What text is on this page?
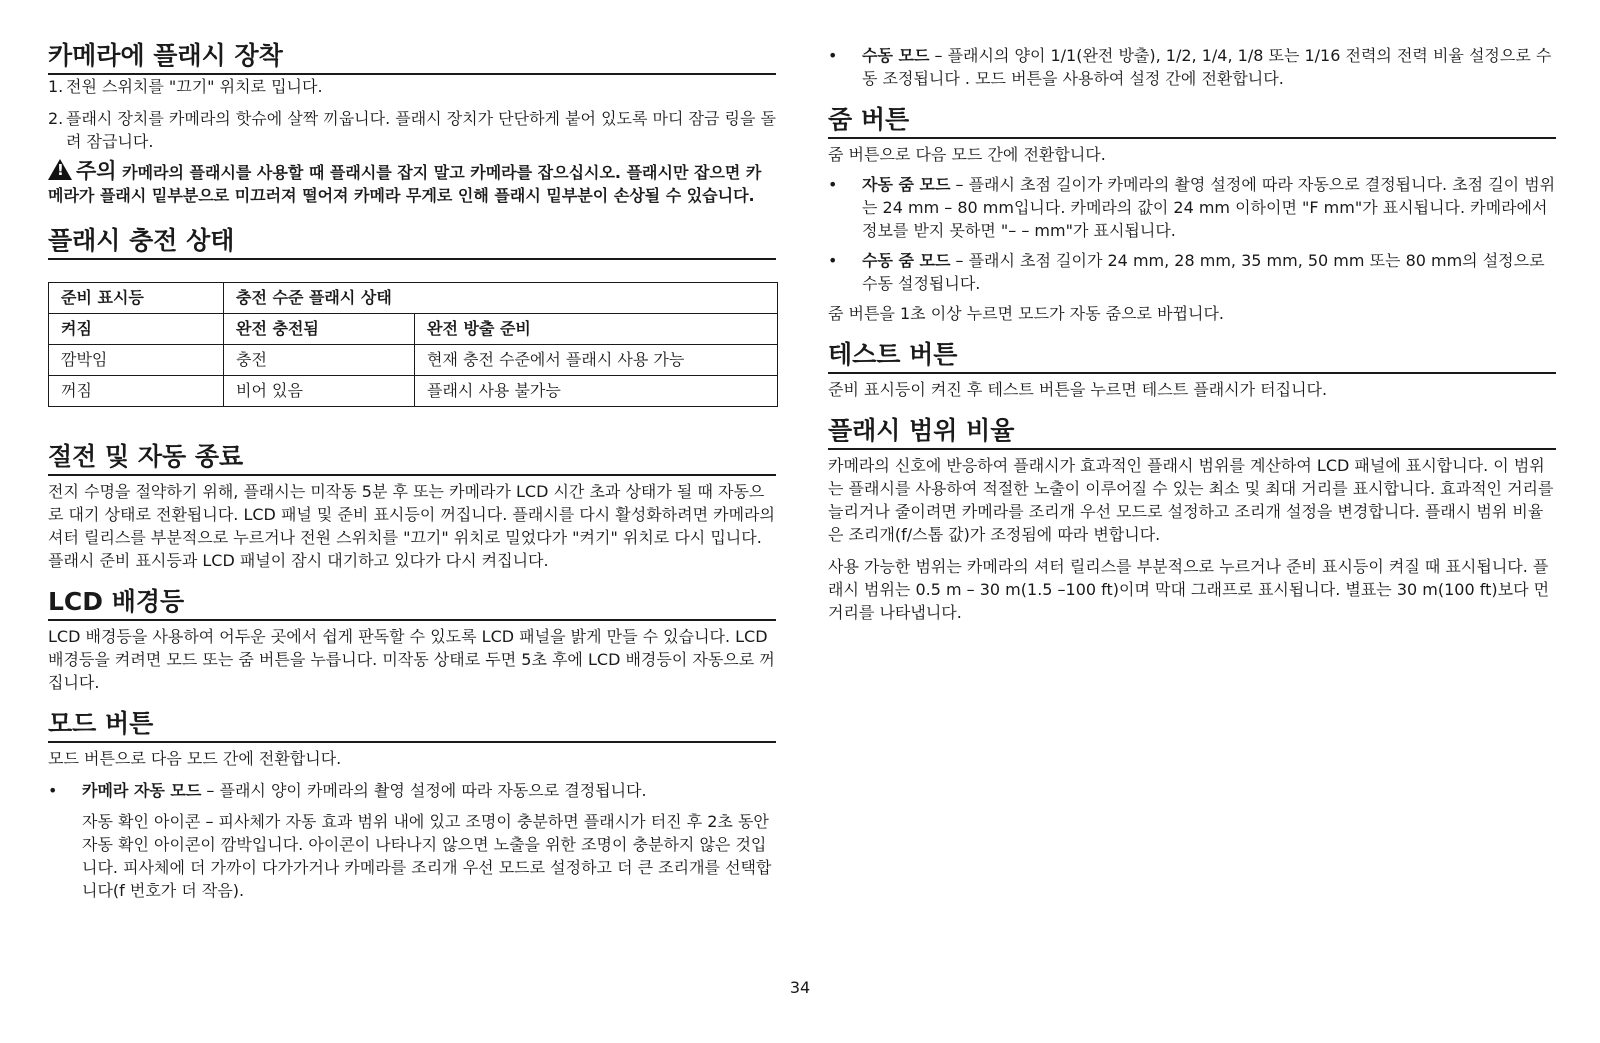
카메라에 플래시 장착
1. 전원 스위치를 "끄기" 위치로 밉니다.
2. 플래시 장치를 카메라의 핫슈에 살짝 끼웁니다. 플래시 장치가 단단하게 붙어 있도록 마디 잠금 링을 돌려 잠급니다.
!주의 카메라의 플래시를 사용할 때 플래시를 잡지 말고 카메라를 잡으십시오. 플래시만 잡으면 카메라가 플래시 밑부분으로 미끄러져 떨어져 카메라 무게로 인해 플래시 밑부분이 손상될 수 있습니다.
플래시 충전 상태
준비 표시등	충전 수준 플래시 상태	
켜짐	완전 충전됨	완전 방출 준비
깜박임	충전	현재 충전 수준에서 플래시 사용 가능
꺼짐	비어 있음	플래시 사용 불가능
절전 및 자동 종료

전지 수명을 절약하기 위해, 플래시는 미작동 5분 후 또는 카메라가 LCD 시간 초과 상태가 될 때 자동으로 대기 상태로 전환됩니다. LCD 패널 및 준비 표시등이 꺼집니다. 플래시를 다시 활성화하려면 카메라의 셔터 릴리스를 부분적으로 누르거나 전원 스위치를 "끄기" 위치로 밀었다가 "켜기" 위치로 다시 밉니다. 플래시 준비 표시등과 LCD 패널이 잠시 대기하고 있다가 다시 켜집니다.

LCD 배경등

LCD 배경등을 사용하여 어두운 곳에서 쉽게 판독할 수 있도록 LCD 패널을 밝게 만들 수 있습니다. LCD 배경등을 켜려면 모드 또는 줌 버튼을 누릅니다. 미작동 상태로 두면 5초 후에 LCD 배경등이 자동으로 꺼집니다.

모드 버튼

모드 버튼으로 다음 모드 간에 전환합니다.

•	카메라 자동 모드 – 플래시 양이 카메라의 촬영 설정에 따라 자동으로 결정됩니다.

자동 확인 아이콘 – 피사체가 자동 효과 범위 내에 있고 조명이 충분하면 플래시가 터진 후 2초 동안 자동 확인 아이콘이 깜박입니다. 아이콘이 나타나지 않으면 노출을 위한 조명이 충분하지 않은 것입니다. 피사체에 더 가까이 다가가거나 카메라를 조리개 우선 모드로 설정하고 더 큰 조리개를 선택합니다(f 번호가 더 작음).

•	수동 모드 – 플래시의 양이 1/1(완전 방출), 1/2, 1/4, 1/8 또는 1/16 전력의 전력 비율 설정으로 수동 조정됩니다 . 모드 버튼을 사용하여 설정 간에 전환합니다.
줌 버튼

줌 버튼으로 다음 모드 간에 전환합니다.

•	자동 줌 모드 – 플래시 초점 길이가 카메라의 촬영 설정에 따라 자동으로 결정됩니다. 초점 길이 범위는 24 mm – 80 mm입니다. 카메라의 값이 24 mm 이하이면 "F mm"가 표시됩니다. 카메라에서 정보를 받지 못하면 "– – mm"가 표시됩니다.
•	수동 줌 모드 – 플래시 초점 길이가 24 mm, 28 mm, 35 mm, 50 mm 또는 80 mm의 설정으로 수동 설정됩니다.

줌 버튼을 1초 이상 누르면 모드가 자동 줌으로 바뀝니다.

테스트 버튼

준비 표시등이 켜진 후 테스트 버튼을 누르면 테스트 플래시가 터집니다.

플래시 범위 비율

카메라의 신호에 반응하여 플래시가 효과적인 플래시 범위를 계산하여 LCD 패널에 표시합니다. 이 범위는 플래시를 사용하여 적절한 노출이 이루어질 수 있는 최소 및 최대 거리를 표시합니다. 효과적인 거리를 늘리거나 줄이려면 카메라를 조리개 우선 모드로 설정하고 조리개 설정을 변경합니다. 플래시 범위 비율은 조리개(f/스톱 값)가 조정됨에 따라 변합니다.

사용 가능한 범위는 카메라의 셔터 릴리스를 부분적으로 누르거나 준비 표시등이 켜질 때 표시됩니다. 플래시 범위는 0.5 m – 30 m(1.5 –100 ft)이며 막대 그래프로 표시됩니다. 별표는 30 m(100 ft)보다 먼 거리를 나타냅니다.

34
